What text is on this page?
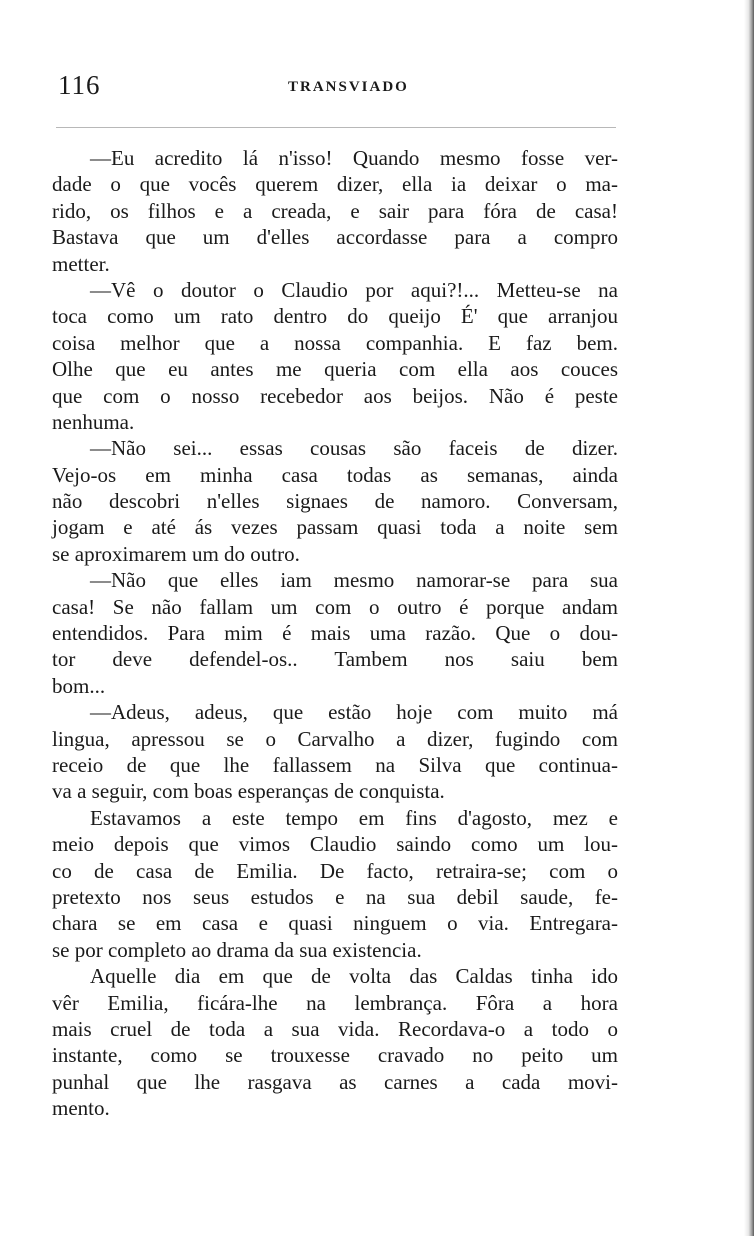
116	TRANSVIADO
—Eu acredito lá n'isso! Quando mesmo fosse ver-
dade o que vocês querem dizer, ella ia deixar o ma-
rido, os filhos e a creada, e sair para fóra de casa!
Bastava que um d'elles accordasse para a compro
metter.
—Vê o doutor o Claudio por aqui?!... Metteu-se na
toca como um rato dentro do queijo É' que arranjou
coisa melhor que a nossa companhia. E faz bem.
Olhe que eu antes me queria com ella aos couces
que com o nosso recebedor aos beijos. Não é peste
nenhuma.
—Não sei... essas cousas são faceis de dizer.
Vejo-os em minha casa todas as semanas, ainda
não descobri n'elles signaes de namoro. Conversam,
jogam e até ás vezes passam quasi toda a noite sem
se aproximarem um do outro.
—Não que elles iam mesmo namorar-se para sua
casa! Se não fallam um com o outro é porque andam
entendidos. Para mim é mais uma razão. Que o dou-
tor deve defendel-os.. Tambem nos saiu bem
bom...
—Adeus, adeus, que estão hoje com muito má
lingua, apressou se o Carvalho a dizer, fugindo com
receio de que lhe fallassem na Silva que continua-
va a seguir, com boas esperanças de conquista.
Estavamos a este tempo em fins d'agosto, mez e
meio depois que vimos Claudio saindo como um lou-
co de casa de Emilia. De facto, retraira-se; com o
pretexto nos seus estudos e na sua debil saude, fe-
chara se em casa e quasi ninguem o via. Entregara-
se por completo ao drama da sua existencia.
Aquelle dia em que de volta das Caldas tinha ido
vêr Emilia, ficára-lhe na lembrança. Fôra a hora
mais cruel de toda a sua vida. Recordava-o a todo o
instante, como se trouxesse cravado no peito um
punhal que lhe rasgava as carnes a cada movi-
mento.
